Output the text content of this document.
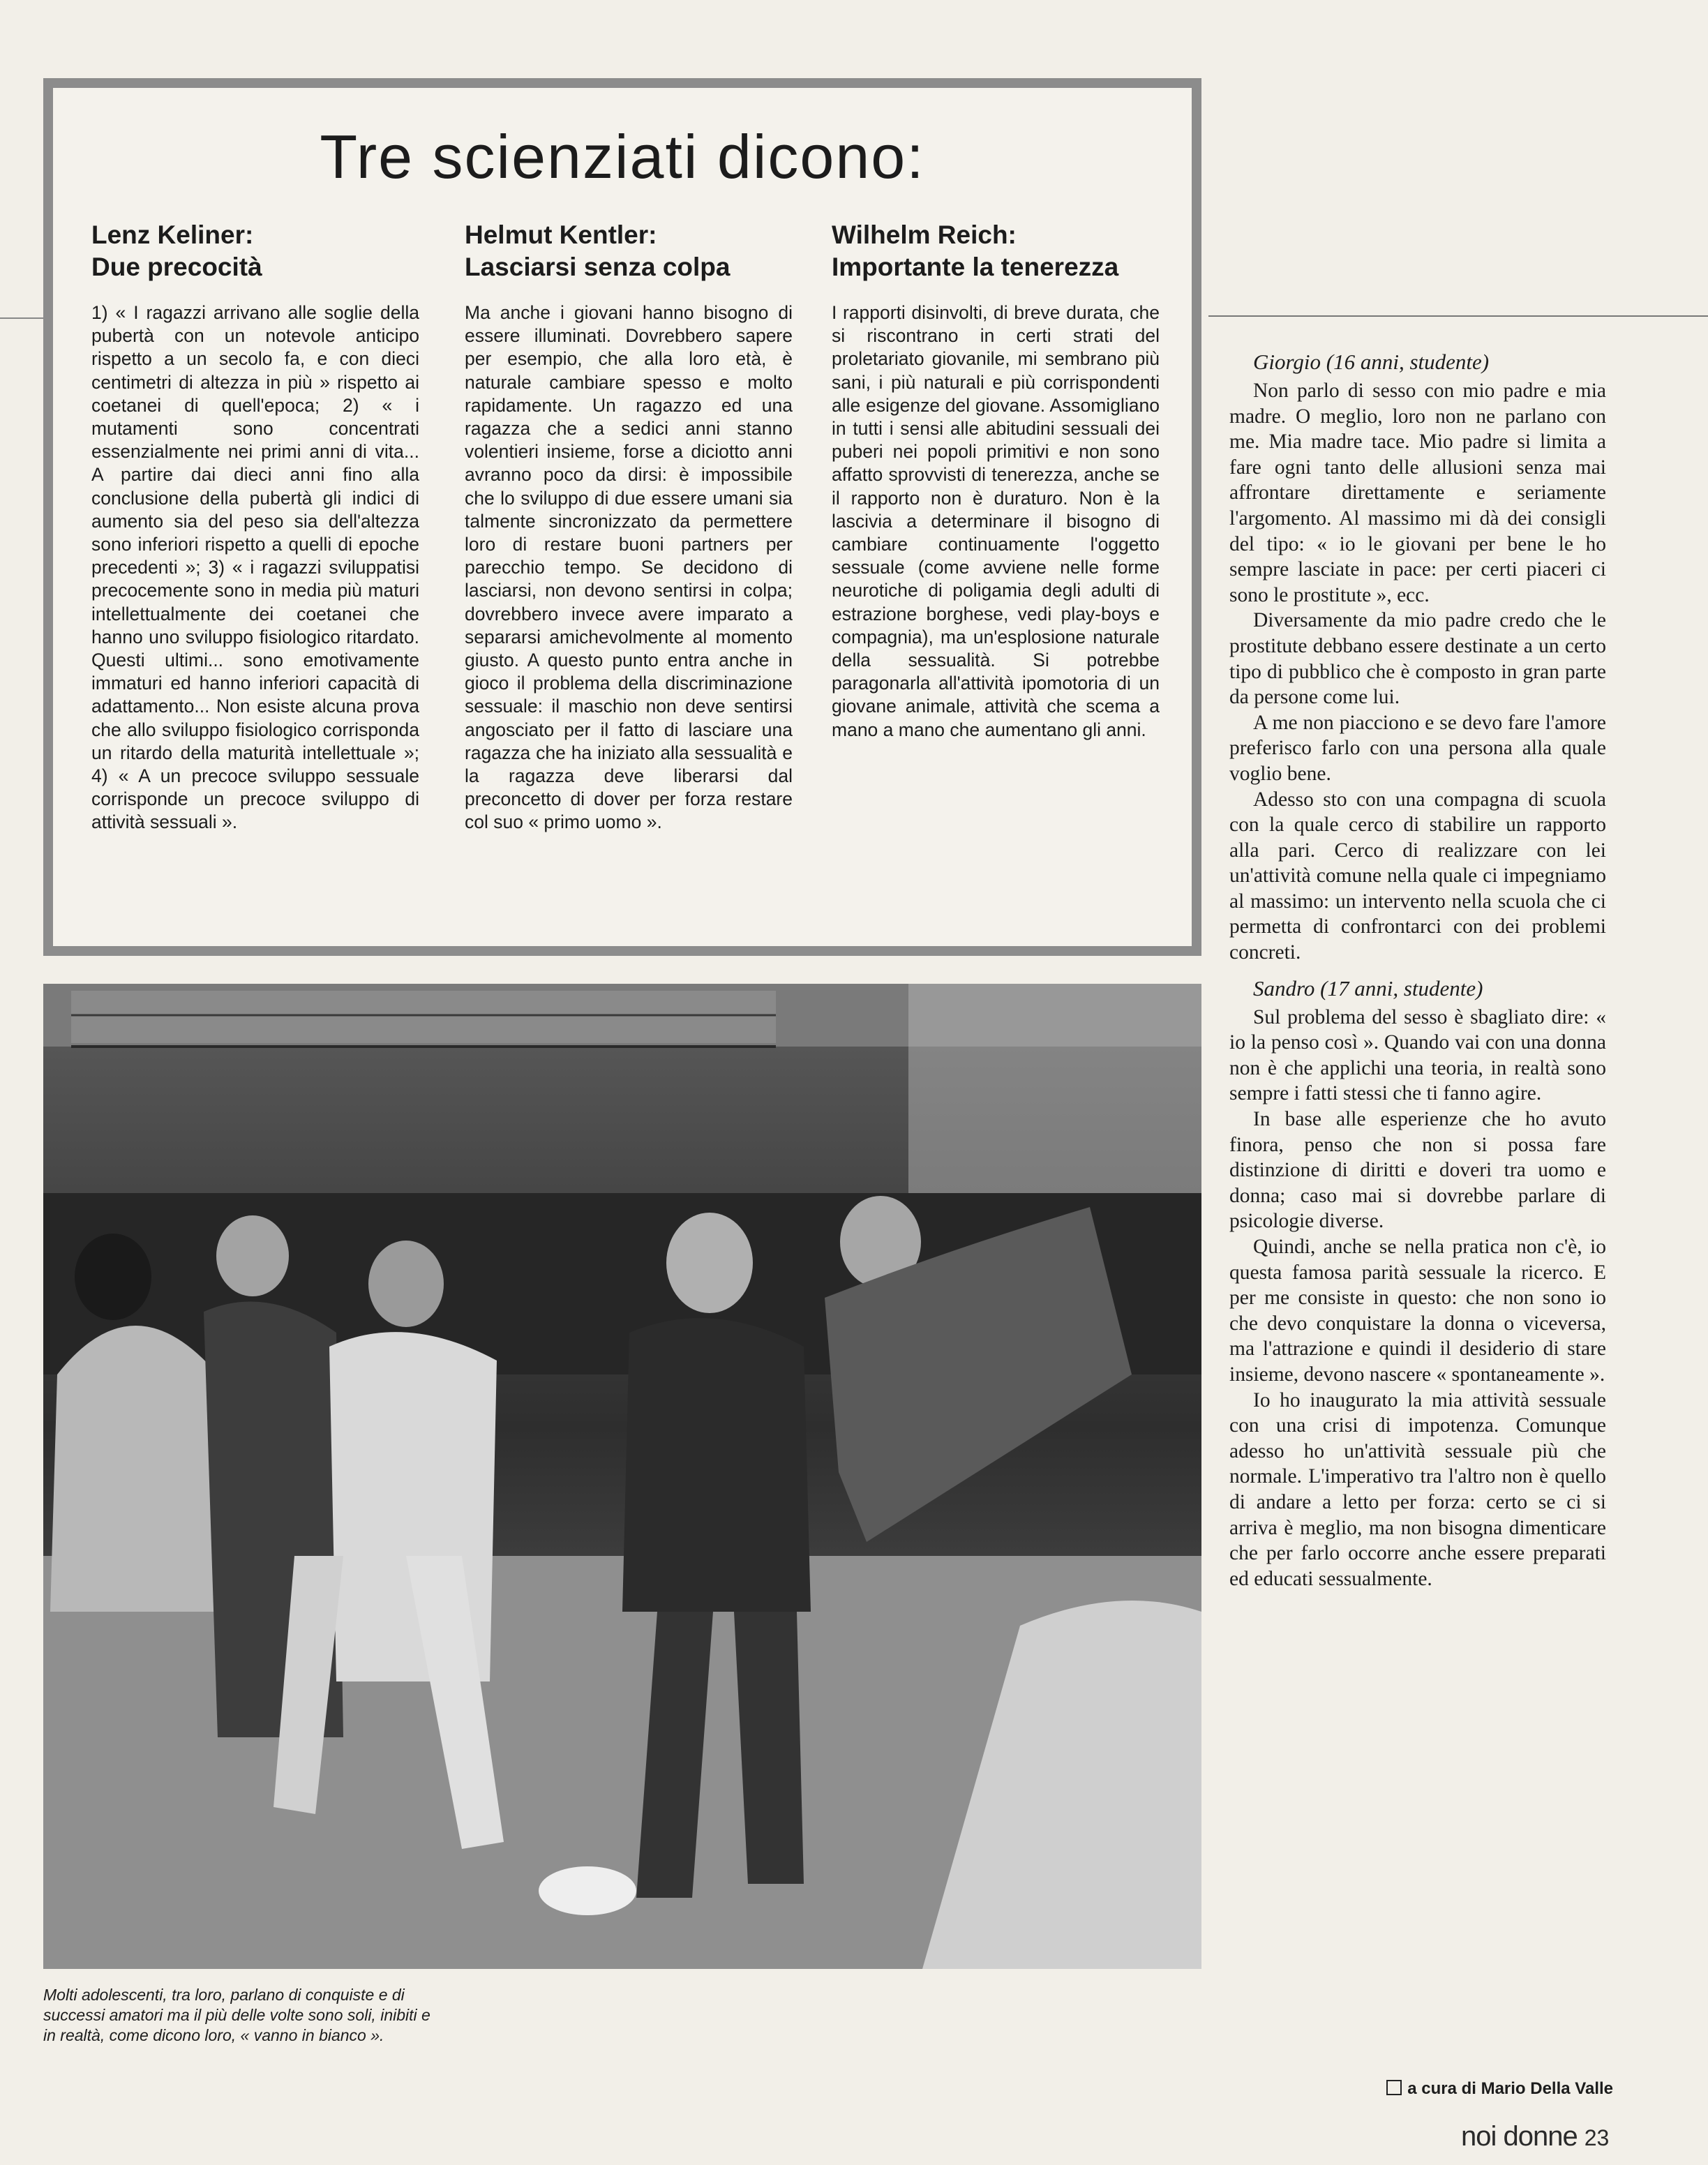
Tre scienziati dicono:
Lenz Keliner:
Due precocità

1) « I ragazzi arrivano alle soglie della pubertà con un notevole anticipo rispetto a un secolo fa, e con dieci centimetri di altezza in più » rispetto ai coetanei di quell'epoca; 2) « i mutamenti sono concentrati essenzialmente nei primi anni di vita... A partire dai dieci anni fino alla conclusione della pubertà gli indici di aumento sia del peso sia dell'altezza sono inferiori rispetto a quelli di epoche precedenti »; 3) « i ragazzi sviluppatisi precocemente sono in media più maturi intellettualmente dei coetanei che hanno uno sviluppo fisiologico ritardato. Questi ultimi... sono emotivamente immaturi ed hanno inferiori capacità di adattamento... Non esiste alcuna prova che allo sviluppo fisiologico corrisponda un ritardo della maturità intellettuale »; 4) « A un precoce sviluppo sessuale corrisponde un precoce sviluppo di attività sessuali ».

Helmut Kentler:
Lasciarsi senza colpa

Ma anche i giovani hanno bisogno di essere illuminati. Dovrebbero sapere per esempio, che alla loro età, è naturale cambiare spesso e molto rapidamente. Un ragazzo ed una ragazza che a sedici anni stanno volentieri insieme, forse a diciotto anni avranno poco da dirsi: è impossibile che lo sviluppo di due essere umani sia talmente sincronizzato da permettere loro di restare buoni partners per parecchio tempo. Se decidono di lasciarsi, non devono sentirsi in colpa; dovrebbero invece avere imparato a separarsi amichevolmente al momento giusto. A questo punto entra anche in gioco il problema della discriminazione sessuale: il maschio non deve sentirsi angosciato per il fatto di lasciare una ragazza che ha iniziato alla sessualità e la ragazza deve liberarsi dal preconcetto di dover per forza restare col suo « primo uomo ».

Wilhelm Reich:
Importante la tenerezza

I rapporti disinvolti, di breve durata, che si riscontrano in certi strati del proletariato giovanile, mi sembrano più sani, i più naturali e più corrispondenti alle esigenze del giovane. Assomigliano in tutti i sensi alle abitudini sessuali dei puberi nei popoli primitivi e non sono affatto sprovvisti di tenerezza, anche se il rapporto non è duraturo. Non è la lascivia a determinare il bisogno di cambiare continuamente l'oggetto sessuale (come avviene nelle forme neurotiche di poligamia degli adulti di estrazione borghese, vedi play-boys e compagnia), ma un'esplosione naturale della sessualità. Si potrebbe paragonarla all'attività ipomotoria di un giovane animale, attività che scema a mano a mano che aumentano gli anni.

Molti adolescenti, tra loro, parlano di conquiste e di successi amatori ma il più delle volte sono soli, inibiti e in realtà, come dicono loro, « vanno in bianco ».

Giorgio (16 anni, studente)

Non parlo di sesso con mio padre e mia madre. O meglio, loro non ne parlano con me. Mia madre tace. Mio padre si limita a fare ogni tanto delle allusioni senza mai affrontare direttamente e seriamente l'argomento. Al massimo mi dà dei consigli del tipo: « io le giovani per bene le ho sempre lasciate in pace: per certi piaceri ci sono le prostitute », ecc.

Diversamente da mio padre credo che le prostitute debbano essere destinate a un certo tipo di pubblico che è composto in gran parte da persone come lui.

A me non piacciono e se devo fare l'amore preferisco farlo con una persona alla quale voglio bene.

Adesso sto con una compagna di scuola con la quale cerco di stabilire un rapporto alla pari. Cerco di realizzare con lei un'attività comune nella quale ci impegniamo al massimo: un intervento nella scuola che ci permetta di confrontarci con dei problemi concreti.

Sandro (17 anni, studente)

Sul problema del sesso è sbagliato dire: « io la penso così ». Quando vai con una donna non è che applichi una teoria, in realtà sono sempre i fatti stessi che ti fanno agire.

In base alle esperienze che ho avuto finora, penso che non si possa fare distinzione di diritti e doveri tra uomo e donna; caso mai si dovrebbe parlare di psicologie diverse.

Quindi, anche se nella pratica non c'è, io questa famosa parità sessuale la ricerco. E per me consiste in questo: che non sono io che devo conquistare la donna o viceversa, ma l'attrazione e quindi il desiderio di stare insieme, devono nascere « spontaneamente ».

Io ho inaugurato la mia attività sessuale con una crisi di impotenza. Comunque adesso ho un'attività sessuale più che normale. L'imperativo tra l'altro non è quello di andare a letto per forza: certo se ci si arriva è meglio, ma non bisogna dimenticare che per farlo occorre anche essere preparati ed educati sessualmente.

a cura di Mario Della Valle

noi donne 23
